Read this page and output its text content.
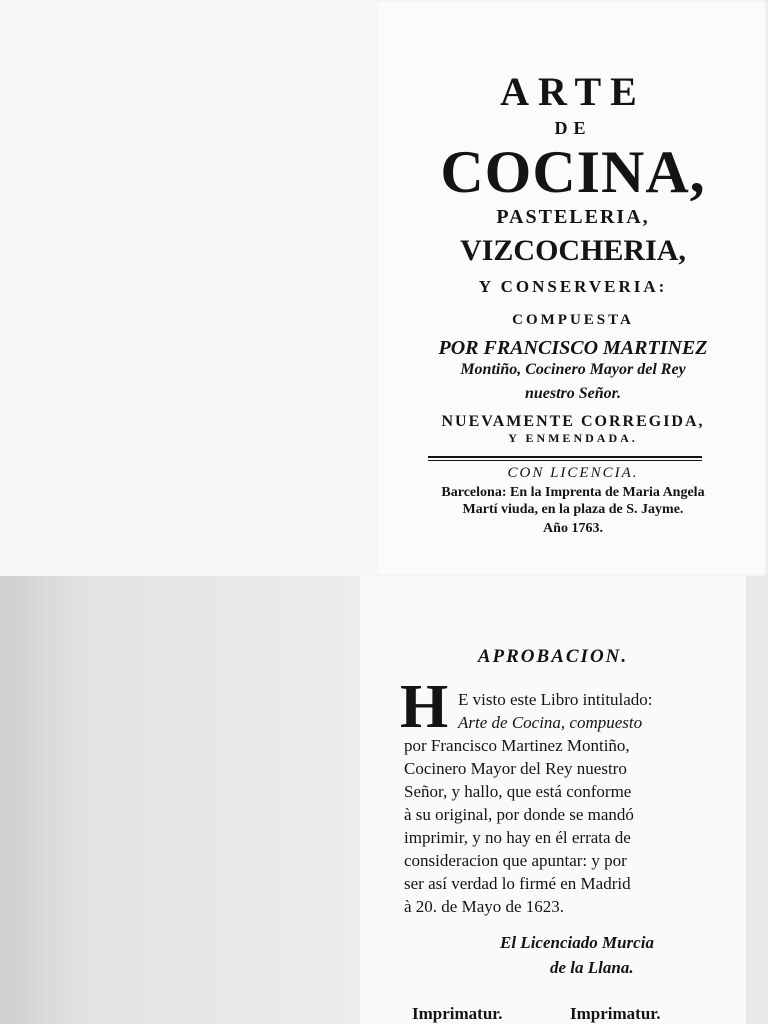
ARTE
DE
COCINA,
PASTELERIA,
VIZCOCHERIA,
Y CONSERVERIA:
COMPUESTA
POR FRANCISCO MARTINEZ
Montiño, Cocinero Mayor del Rey
nuestro Señor.
NUEVAMENTE CORREGIDA,
Y ENMENDADA.
CON LICENCIA.
Barcelona: En la Imprenta de Maria Angela
Martí viuda, en la plaza de S. Jayme.
Año 1763.
APROBACION.
H E visto este Libro intitulado:
Arte de Cocina, compuesto
por Francisco Martinez Montiño,
Cocinero Mayor del Rey nuestro
Señor, y hallo, que está conforme
à su original, por donde se mandó
imprimir, y no hay en él errata de
consideracion que apuntar: y por
ser así verdad lo firmé en Madrid
à 20. de Mayo de 1623.
El Licenciado Murcia
de la Llana.
Imprimatur.	Imprimatur.
